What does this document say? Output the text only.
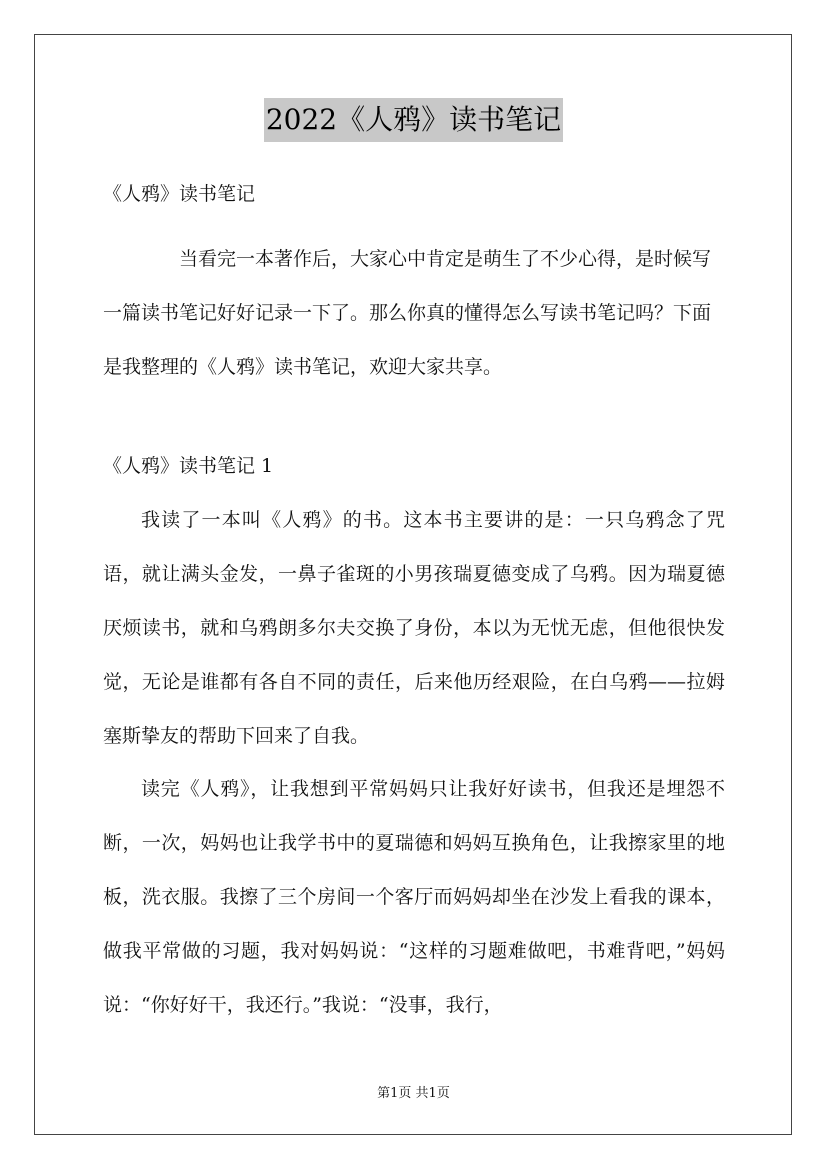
2022《人鸦》读书笔记
《人鸦》读书笔记
当看完一本著作后，大家心中肯定是萌生了不少心得，是时候写一篇读书笔记好好记录一下了。那么你真的懂得怎么写读书笔记吗？下面是我整理的《人鸦》读书笔记，欢迎大家共享。
《人鸦》读书笔记 1
我读了一本叫《人鸦》的书。这本书主要讲的是：一只乌鸦念了咒语，就让满头金发，一鼻子雀斑的小男孩瑞夏德变成了乌鸦。因为瑞夏德厌烦读书，就和乌鸦朗多尔夫交换了身份，本以为无忧无虑，但他很快发觉，无论是谁都有各自不同的责任，后来他历经艰险，在白乌鸦——拉姆塞斯挚友的帮助下回来了自我。
读完《人鸦》，让我想到平常妈妈只让我好好读书，但我还是埋怨不断，一次，妈妈也让我学书中的夏瑞德和妈妈互换角色，让我擦家里的地板，洗衣服。我擦了三个房间一个客厅而妈妈却坐在沙发上看我的课本，做我平常做的习题，我对妈妈说：“这样的习题难做吧，书难背吧，”妈妈说：“你好好干，我还行。”我说：“没事，我行，
第1页 共1页
